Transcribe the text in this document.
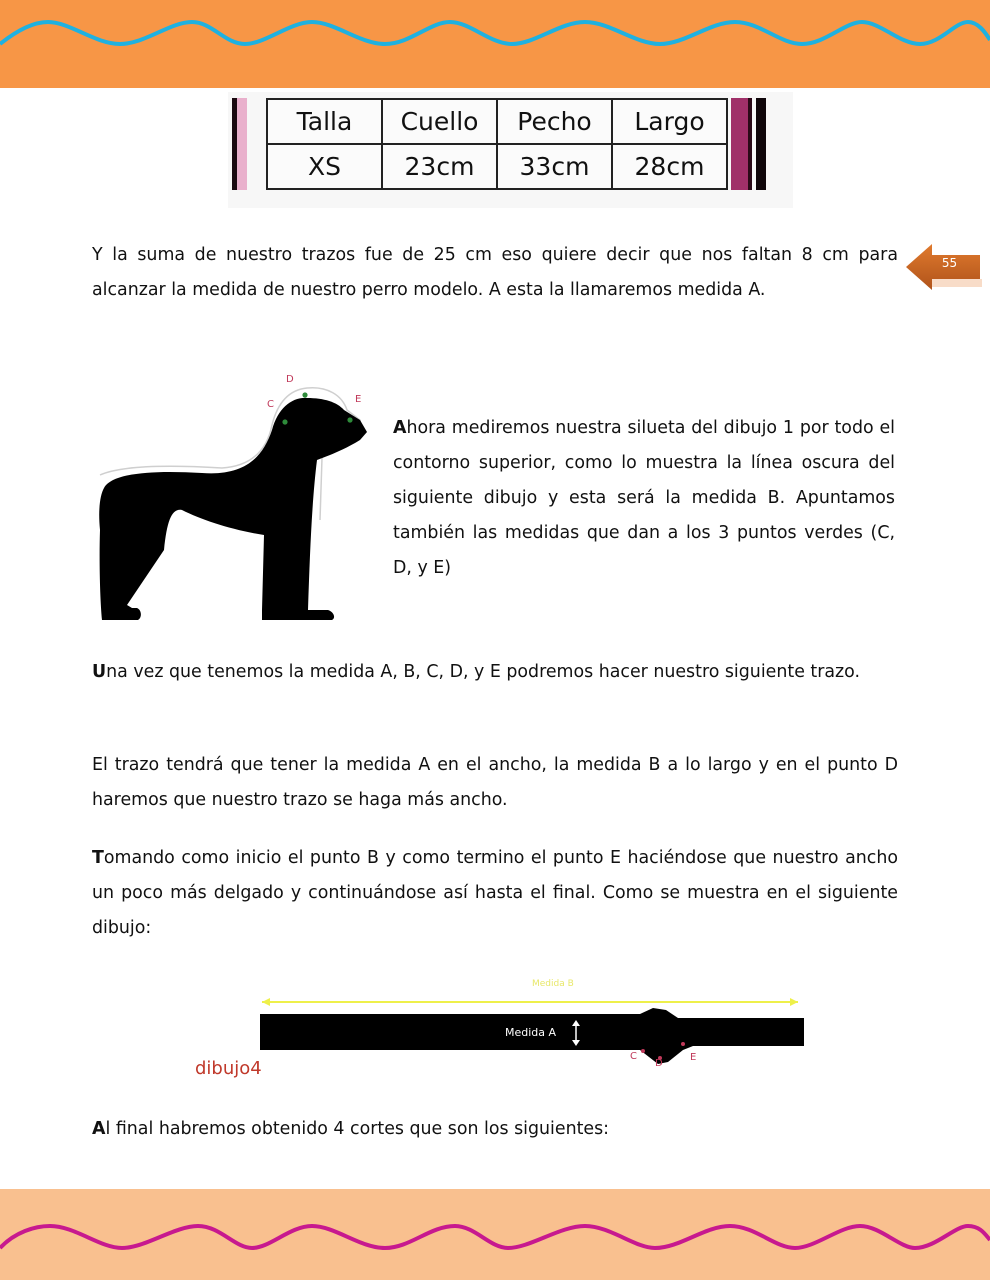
Talla	Cuello	Pecho	Largo
XS	23cm	33cm	28cm
55

Y la suma de nuestro trazos fue de 25 cm eso quiere decir que nos faltan 8 cm para alcanzar la medida de nuestro perro modelo. A esta la llamaremos medida A.

C
D
E

Ahora mediremos nuestra silueta del dibujo 1 por todo el contorno superior, como lo muestra la línea oscura del siguiente dibujo y esta será la medida B. Apuntamos también las medidas que dan a los 3 puntos verdes (C, D, y E)

Una vez que tenemos la medida A, B, C, D, y E podremos hacer nuestro siguiente trazo.

El trazo tendrá que tener la medida A en el ancho, la medida B a lo largo y en el punto D haremos que nuestro trazo se haga más ancho.

Tomando como inicio el punto B y como termino el punto E haciéndose que nuestro ancho un poco más delgado y continuándose así hasta el final. Como se muestra en el siguiente dibujo:

Medida B
Medida A
C
D
E
dibujo4

Al final habremos obtenido 4 cortes que son los siguientes:
